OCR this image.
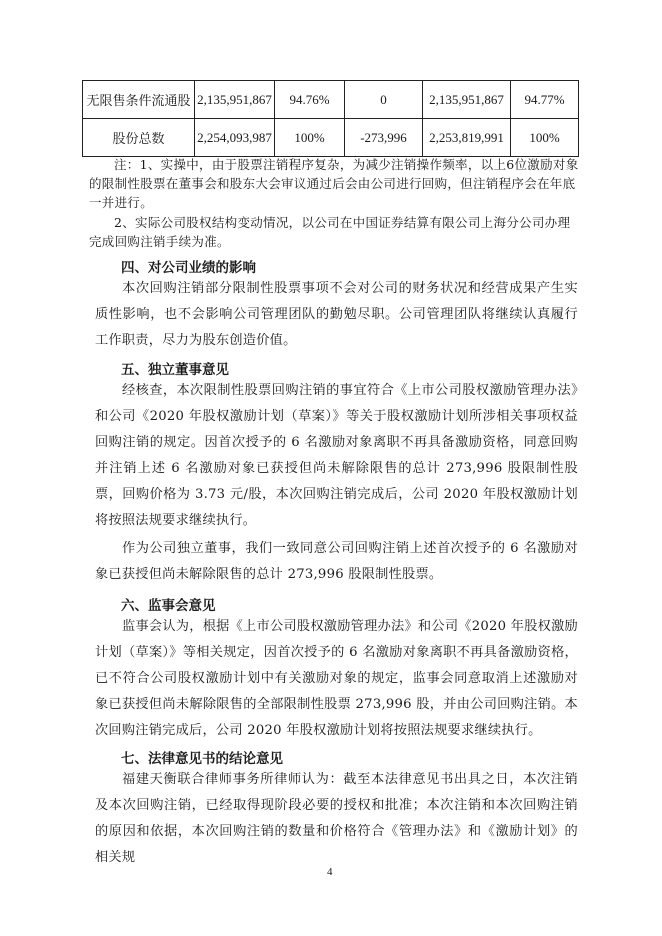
无限售条件流通股	2,135,951,867	94.76%	0	2,135,951,867	94.77%
股份总数	2,254,093,987	100%	-273,996	2,253,819,991	100%
注：1、实操中，由于股票注销程序复杂，为减少注销操作频率，以上6位激励对象的限制性股票在董事会和股东大会审议通过后会由公司进行回购，但注销程序会在年底一并进行。
2、实际公司股权结构变动情况，以公司在中国证券结算有限公司上海分公司办理完成回购注销手续为准。
四、对公司业绩的影响
本次回购注销部分限制性股票事项不会对公司的财务状况和经营成果产生实质性影响，也不会影响公司管理团队的勤勉尽职。公司管理团队将继续认真履行工作职责，尽力为股东创造价值。
五、独立董事意见
经核查，本次限制性股票回购注销的事宜符合《上市公司股权激励管理办法》和公司《2020 年股权激励计划（草案）》等关于股权激励计划所涉相关事项权益回购注销的规定。因首次授予的 6 名激励对象离职不再具备激励资格，同意回购并注销上述 6 名激励对象已获授但尚未解除限售的总计 273,996 股限制性股票，回购价格为 3.73 元/股，本次回购注销完成后，公司 2020 年股权激励计划将按照法规要求继续执行。
作为公司独立董事，我们一致同意公司回购注销上述首次授予的 6 名激励对象已获授但尚未解除限售的总计 273,996 股限制性股票。
六、监事会意见
监事会认为，根据《上市公司股权激励管理办法》和公司《2020 年股权激励计划（草案）》等相关规定，因首次授予的 6 名激励对象离职不再具备激励资格，已不符合公司股权激励计划中有关激励对象的规定，监事会同意取消上述激励对象已获授但尚未解除限售的全部限制性股票 273,996 股，并由公司回购注销。本次回购注销完成后，公司 2020 年股权激励计划将按照法规要求继续执行。
七、法律意见书的结论意见
福建天衡联合律师事务所律师认为：截至本法律意见书出具之日，本次注销及本次回购注销，已经取得现阶段必要的授权和批准；本次注销和本次回购注销的原因和依据，本次回购注销的数量和价格符合《管理办法》和《激励计划》的相关规
4
